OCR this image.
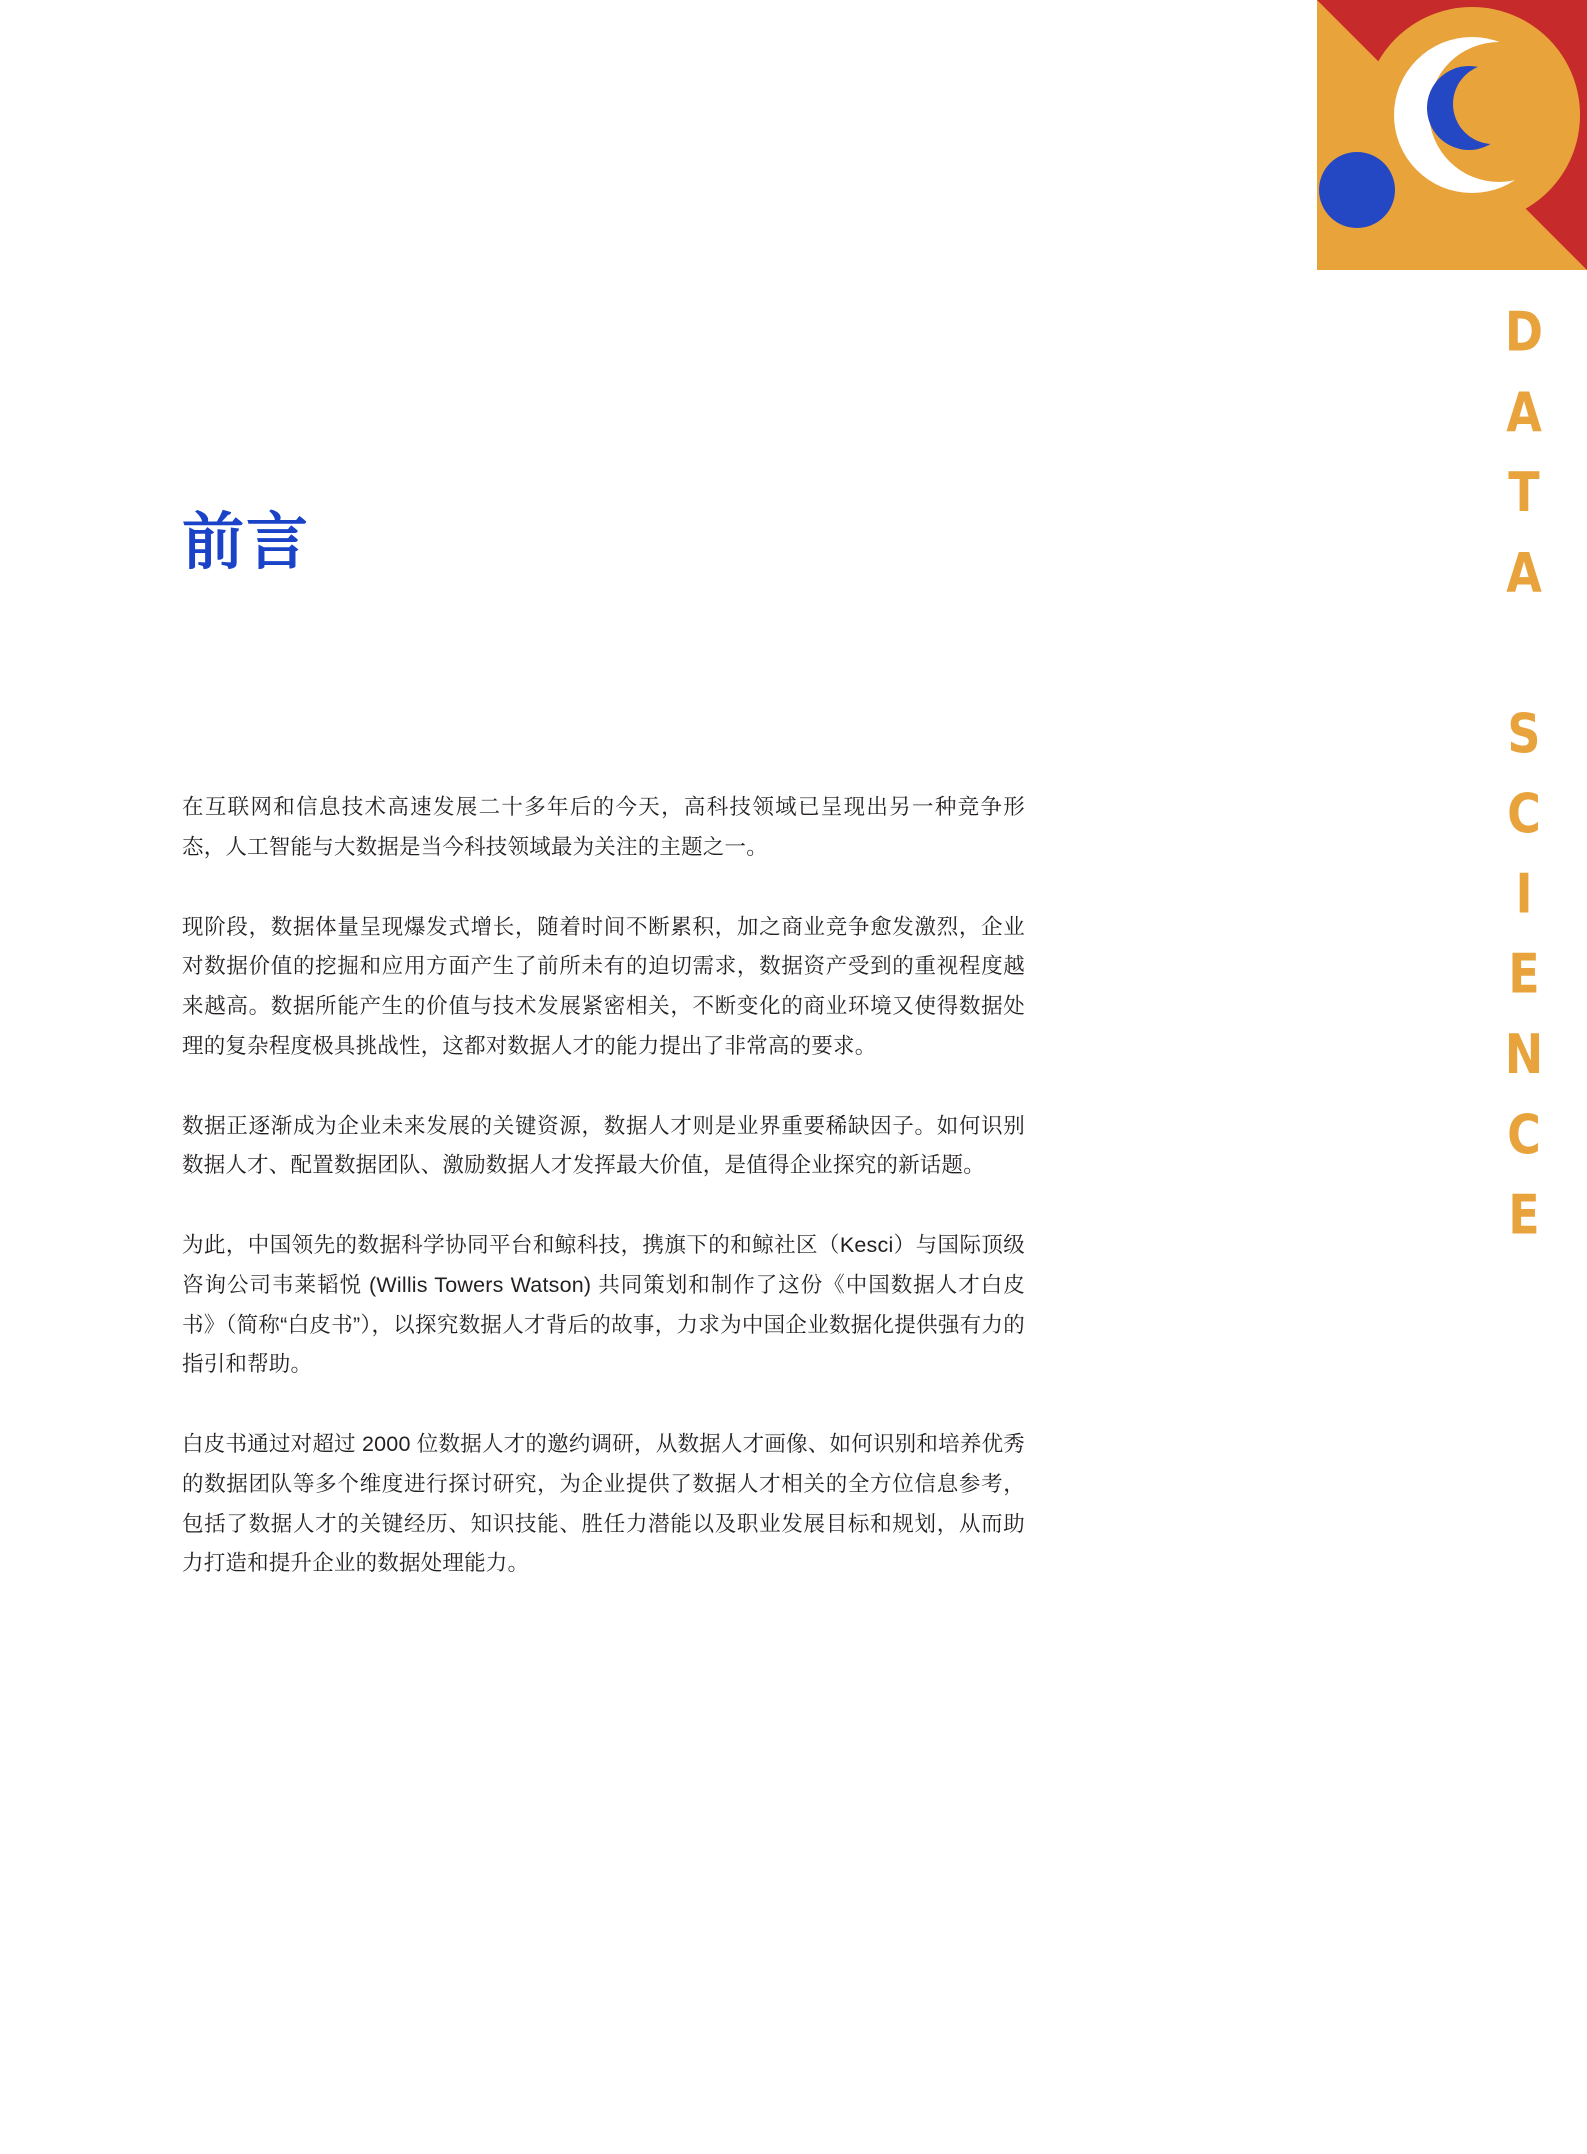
DATA SCIENCE
前言

在互联网和信息技术高速发展二十多年后的今天，高科技领域已呈现出另一种竞争形态，人工智能与大数据是当今科技领域最为关注的主题之一。

现阶段，数据体量呈现爆发式增长，随着时间不断累积，加之商业竞争愈发激烈，企业对数据价值的挖掘和应用方面产生了前所未有的迫切需求，数据资产受到的重视程度越来越高。数据所能产生的价值与技术发展紧密相关，不断变化的商业环境又使得数据处理的复杂程度极具挑战性，这都对数据人才的能力提出了非常高的要求。

数据正逐渐成为企业未来发展的关键资源，数据人才则是业界重要稀缺因子。如何识别数据人才、配置数据团队、激励数据人才发挥最大价值，是值得企业探究的新话题。

为此，中国领先的数据科学协同平台和鲸科技，携旗下的和鲸社区（Kesci）与国际顶级咨询公司韦莱韬悦 (Willis Towers Watson) 共同策划和制作了这份《中国数据人才白皮书》（简称“白皮书”），以探究数据人才背后的故事，力求为中国企业数据化提供强有力的指引和帮助。

白皮书通过对超过 2000 位数据人才的邀约调研，从数据人才画像、如何识别和培养优秀的数据团队等多个维度进行探讨研究，为企业提供了数据人才相关的全方位信息参考，包括了数据人才的关键经历、知识技能、胜任力潜能以及职业发展目标和规划，从而助力打造和提升企业的数据处理能力。
